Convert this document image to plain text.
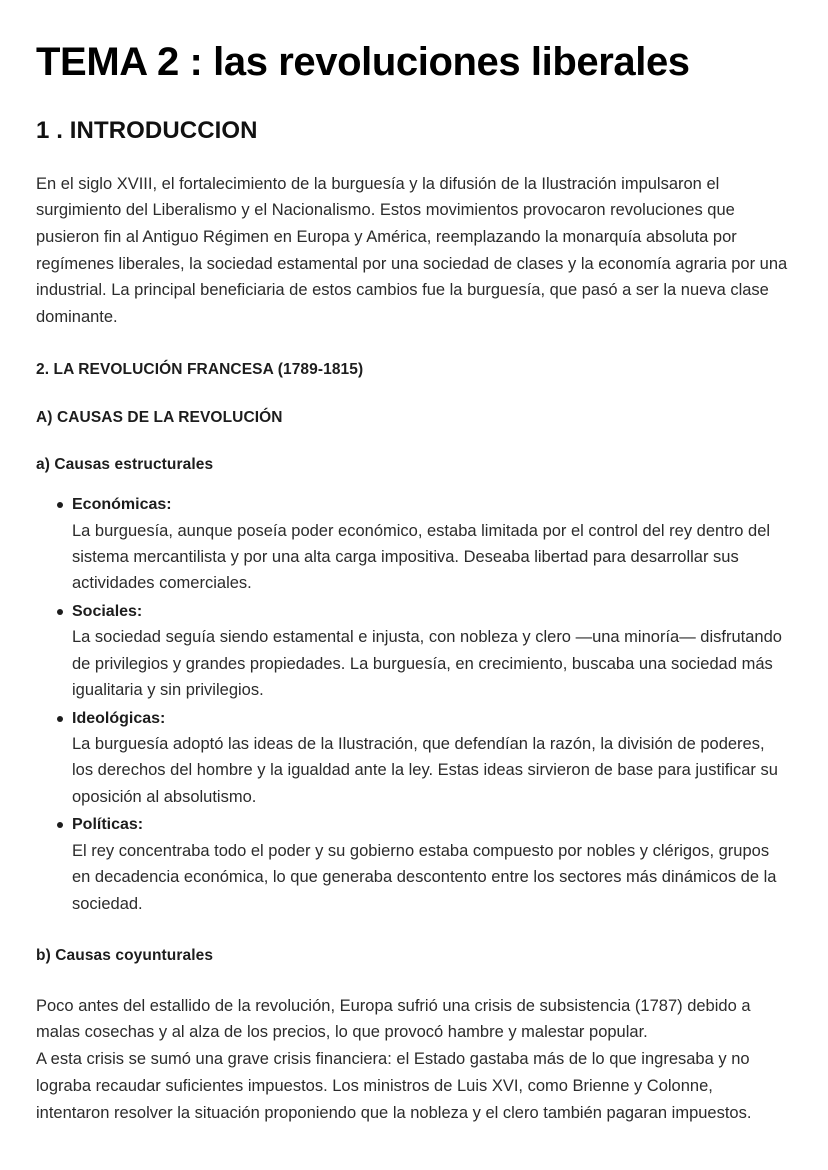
TEMA 2 : las revoluciones liberales
1 . INTRODUCCION

En el siglo XVIII, el fortalecimiento de la burguesía y la difusión de la Ilustración impulsaron el surgimiento del Liberalismo y el Nacionalismo. Estos movimientos provocaron revoluciones que pusieron fin al Antiguo Régimen en Europa y América, reemplazando la monarquía absoluta por regímenes liberales, la sociedad estamental por una sociedad de clases y la economía agraria por una industrial. La principal beneficiaria de estos cambios fue la burguesía, que pasó a ser la nueva clase dominante.

2. LA REVOLUCIÓN FRANCESA (1789-1815)

A) CAUSAS DE LA REVOLUCIÓN

a) Causas estructurales

Económicas:
La burguesía, aunque poseía poder económico, estaba limitada por el control del rey dentro del sistema mercantilista y por una alta carga impositiva. Deseaba libertad para desarrollar sus actividades comerciales.
Sociales:
La sociedad seguía siendo estamental e injusta, con nobleza y clero —una minoría— disfrutando de privilegios y grandes propiedades. La burguesía, en crecimiento, buscaba una sociedad más igualitaria y sin privilegios.
Ideológicas:
La burguesía adoptó las ideas de la Ilustración, que defendían la razón, la división de poderes, los derechos del hombre y la igualdad ante la ley. Estas ideas sirvieron de base para justificar su oposición al absolutismo.
Políticas:
El rey concentraba todo el poder y su gobierno estaba compuesto por nobles y clérigos, grupos en decadencia económica, lo que generaba descontento entre los sectores más dinámicos de la sociedad.

b) Causas coyunturales

Poco antes del estallido de la revolución, Europa sufrió una crisis de subsistencia (1787) debido a malas cosechas y al alza de los precios, lo que provocó hambre y malestar popular.
A esta crisis se sumó una grave crisis financiera: el Estado gastaba más de lo que ingresaba y no lograba recaudar suficientes impuestos. Los ministros de Luis XVI, como Brienne y Colonne, intentaron resolver la situación proponiendo que la nobleza y el clero también pagaran impuestos.
